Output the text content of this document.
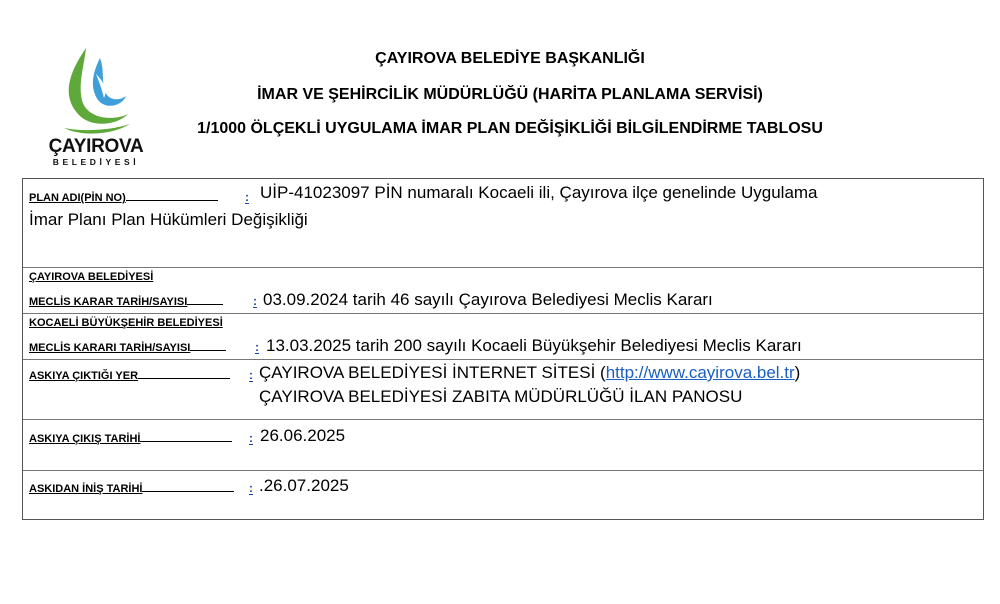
ÇAYIROVA
BELEDİYESİ
ÇAYIROVA BELEDİYE BAŞKANLIĞI
İMAR VE ŞEHİRCİLİK MÜDÜRLÜĞÜ (HARİTA PLANLAMA SERVİSİ)
1/1000 ÖLÇEKLİ UYGULAMA İMAR PLAN DEĞİŞİKLİĞİ BİLGİLENDİRME TABLOSU
PLAN ADI(PİN NO)	: UİP-41023097 PİN numaralı Kocaeli ili, Çayırova ilçe genelinde Uygulama
İmar Planı Plan Hükümleri Değişikliği
ÇAYIROVA BELEDİYESİ
MECLİS KARAR TARİH/SAYISI	: 03.09.2024 tarih 46 sayılı Çayırova Belediyesi Meclis Kararı
KOCAELİ BÜYÜKŞEHİR BELEDİYESİ
MECLİS KARARI TARİH/SAYISI	: 13.03.2025 tarih 200 sayılı Kocaeli Büyükşehir Belediyesi Meclis Kararı
ASKIYA ÇIKTIĞI YER	: ÇAYIROVA BELEDİYESİ İNTERNET SİTESİ (http://www.cayirova.bel.tr)
ÇAYIROVA BELEDİYESİ ZABITA MÜDÜRLÜĞÜ İLAN PANOSU
ASKIYA ÇIKIŞ TARİHİ	: 26.06.2025
ASKIDAN İNİŞ TARİHİ	: .26.07.2025
